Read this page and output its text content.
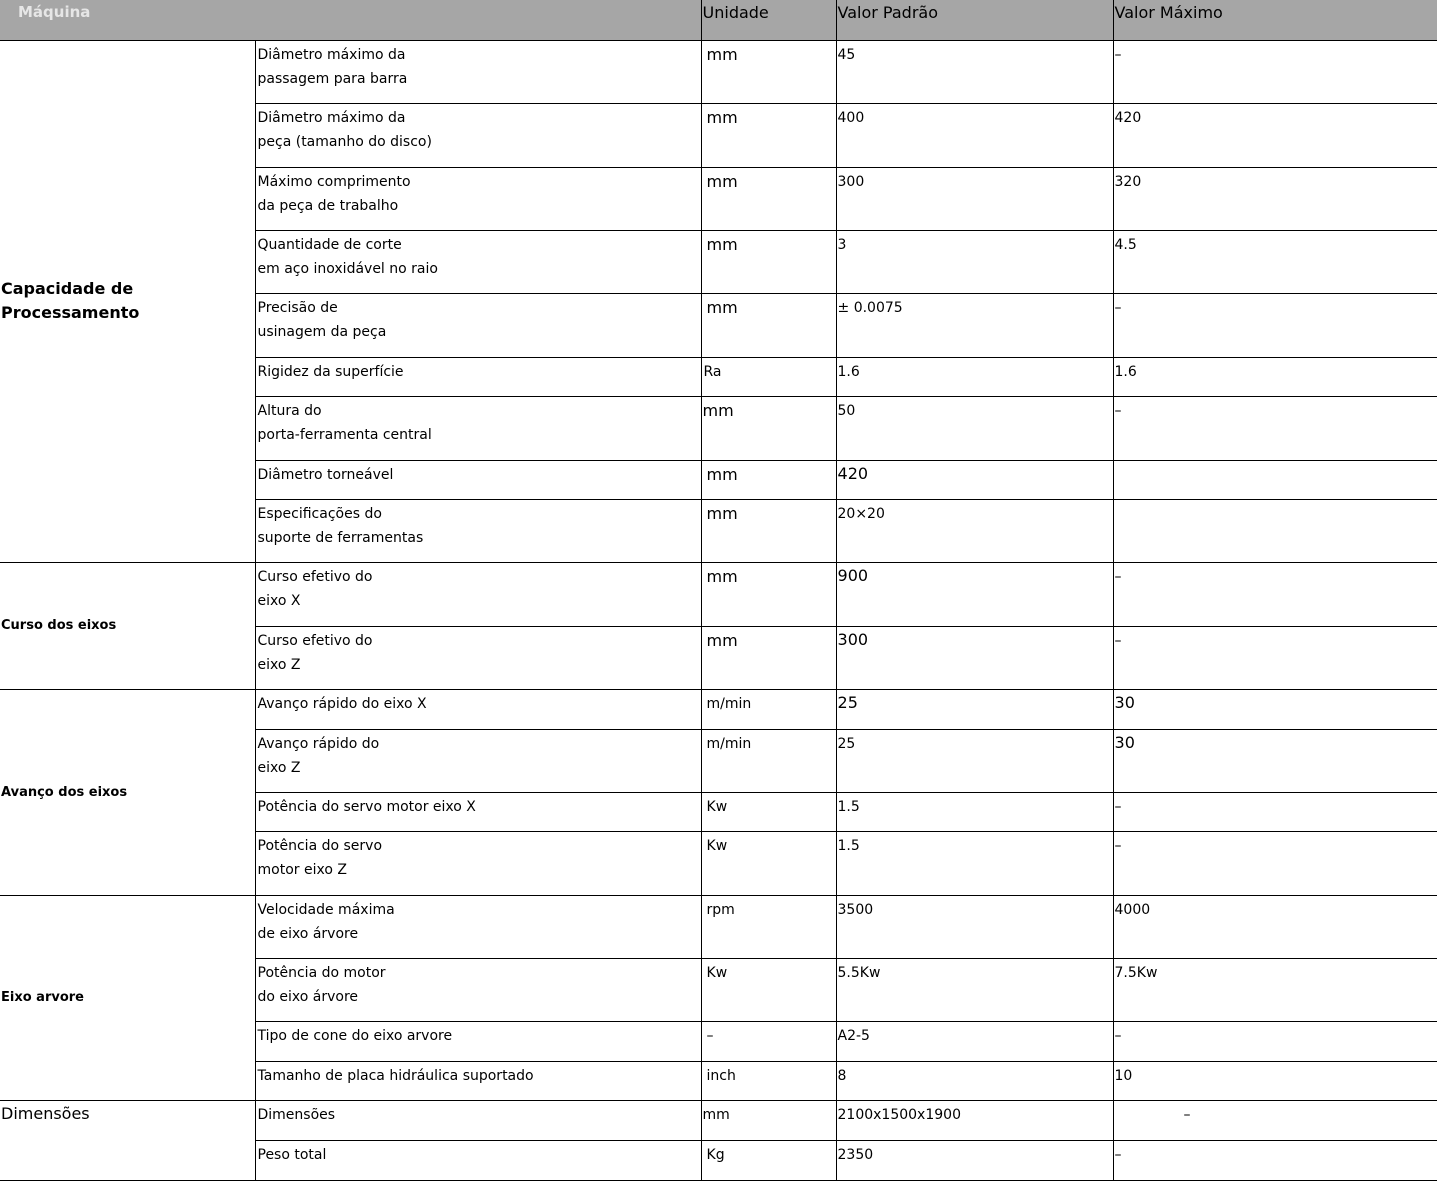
Máquina		Unidade	Valor Padrão	Valor Máximo
Capacidade de Processamento	Diâmetro máximo da
passagem para barra	mm	45	–

	Diâmetro máximo da
peça (tamanho do disco)	mm	400	420

	Máximo comprimento
da peça de trabalho	mm	300	320

	Quantidade de corte
em aço inoxidável no raio	mm	3	4.5

	Precisão de
usinagem da peça	mm	± 0.0075	–

	Rigidez da superfície	Ra	1.6	1.6

	Altura do
porta-ferramenta central	mm	50	–

	Diâmetro torneável	mm	420	

	Especificações do
suporte de ferramentas	mm	20×20	
Curso dos eixos	Curso efetivo do
eixo X	mm	900	–

	Curso efetivo do
eixo Z	mm	300	–
Avanço dos eixos	Avanço rápido do eixo X	m/min	25	30

	Avanço rápido do
eixo Z	m/min	25	30

	Potência do servo motor eixo X	Kw	1.5	–

	Potência do servo
motor eixo Z	Kw	1.5	–
Eixo arvore	Velocidade máxima
de eixo árvore	rpm	3500	4000

	Potência do motor
do eixo árvore	Kw	5.5Kw	7.5Kw

	Tipo de cone do eixo arvore	–	A2-5	–

	Tamanho de placa hidráulica suportado	inch	8	10
Dimensões	Dimensões	mm	2100x1500x1900	–

	Peso total	Kg	2350	–
